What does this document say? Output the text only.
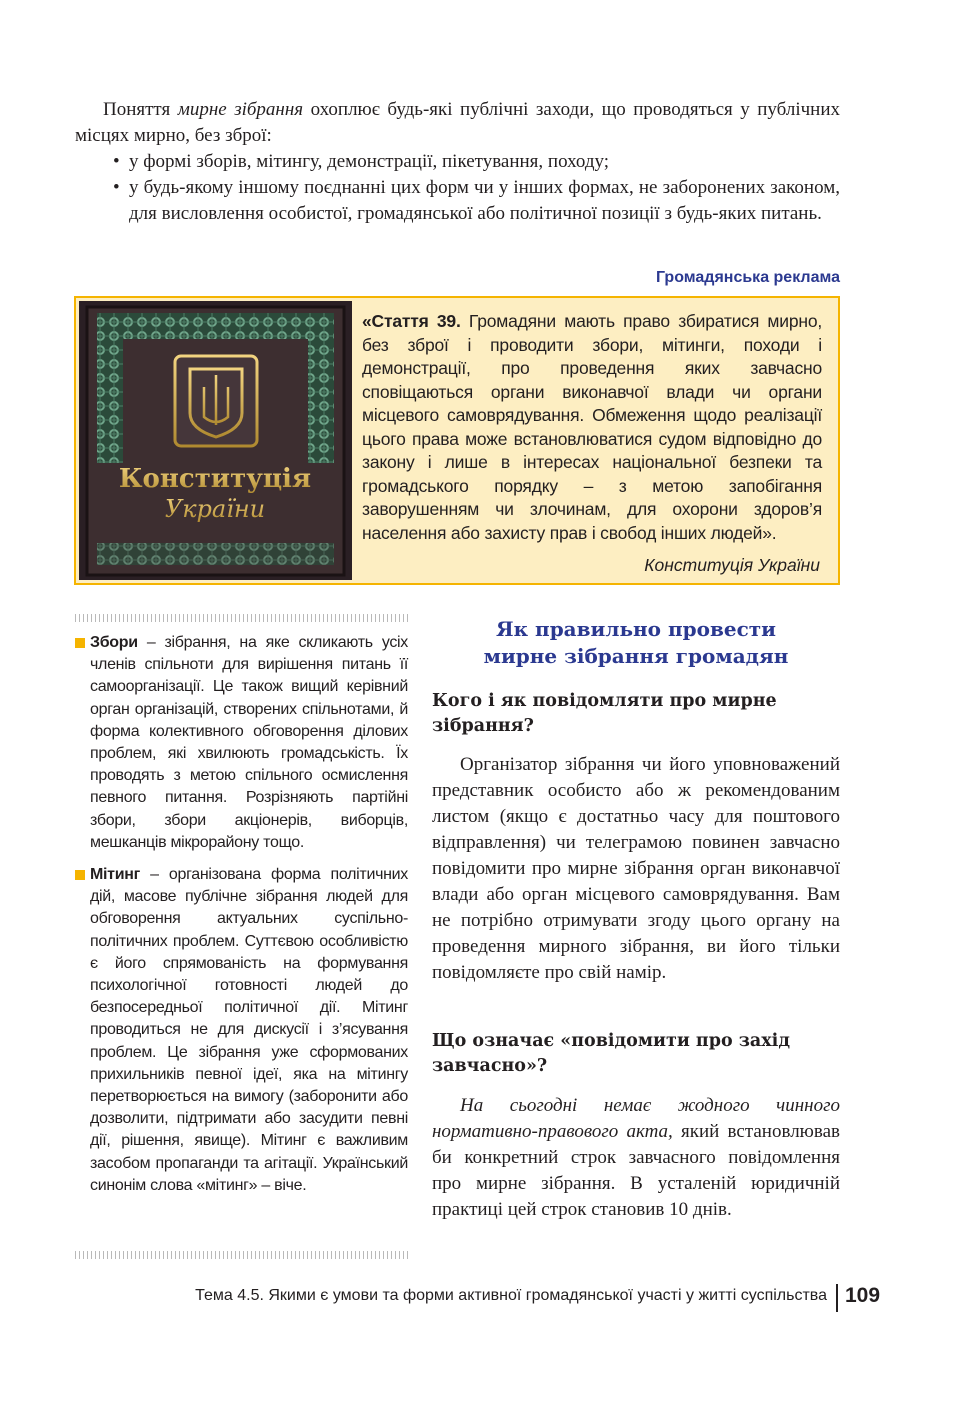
Поняття мирне зібрання охоплює будь-які публічні заходи, що проводяться у публічних місцях мирно, без зброї:

• у формі зборів, мітингу, демонстрації, пікетування, походу;
• у будь-якому іншому поєднанні цих форм чи у інших формах, не заборонених законом, для висловлення особистої, громадянської або політичної позиції з будь-яких питань.
Громадянська реклама
Конституція
України
«Стаття 39. Громадяни мають право збиратися мирно, без зброї і проводити збори, мітинги, походи і демонстрації, про проведення яких завчасно сповіщаються органи виконавчої влади чи органи місцевого самоврядування. Обмеження щодо реалізації цього права може встановлюватися судом відповідно до закону і лише в інтересах національної безпеки та громадського порядку – з метою запобігання заворушенням чи злочинам, для охорони здоров’я населення або захисту прав і свобод інших людей».
Конституція України
Збори – зібрання, на яке скликають усіх членів спільноти для вирішення питань її самоорганізації. Це також вищий керівний орган організацій, створених спільнотами, й форма колективного обговорення ділових проблем, які хвилюють громадськість. Їх проводять з метою спільного осмислення певного питання. Розрізняють партійні збори, збори акціонерів, виборців, мешканців мікрорайону тощо.
Мітинг – організована форма політичних дій, масове публічне зібрання людей для обговорення актуальних суспільно-політичних проблем. Суттєвою особливістю є його спрямованість на формування психологічної готовності людей до безпосередньої політичної дії. Мітинг проводиться не для дискусії і з’ясування проблем. Це зібрання уже сформованих прихильників певної ідеї, яка на мітингу перетворюється на вимогу (заборонити або дозволити, підтримати або засудити певні дії, рішення, явище). Мітинг є важливим засобом пропаганди та агітації. Український синонім слова «мітинг» – віче.
Як правильно провести
мирне зібрання громадян
Кого і як повідомляти про мирне зібрання?

Організатор зібрання чи його уповноважений представник особисто або ж рекомендованим листом (якщо є достатньо часу для поштового відправлення) чи телеграмою повинен завчасно повідомити про мирне зібрання орган виконавчої влади або орган місцевого самоврядування. Вам не потрібно отримувати згоду цього органу на проведення мирного зібрання, ви його тільки повідомляєте про свій намір.

Що означає «повідомити про захід завчасно»?

На сьогодні немає жодного чинного нормативно-правового акта, який встановлював би конкретний строк завчасного повідомлення про мирне зібрання. В усталеній юридичній практиці цей строк становив 10 днів.

Тема 4.5. Якими є умови та форми активної громадянської участі у житті суспільства 109
